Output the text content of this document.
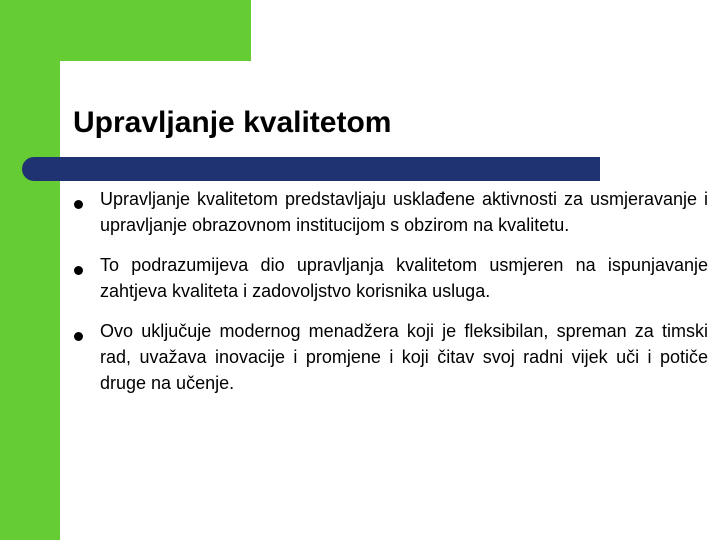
Upravljanje kvalitetom
Upravljanje kvalitetom predstavljaju usklađene aktivnosti za usmjeravanje i upravljanje obrazovnom institucijom s obzirom na kvalitetu.
To podrazumijeva dio upravljanja kvalitetom usmjeren na ispunjavanje zahtjeva kvaliteta i zadovoljstvo korisnika usluga.
Ovo uključuje modernog menadžera koji je fleksibilan, spreman za timski rad, uvažava inovacije i promjene i koji čitav svoj radni vijek uči i potiče druge na učenje.
